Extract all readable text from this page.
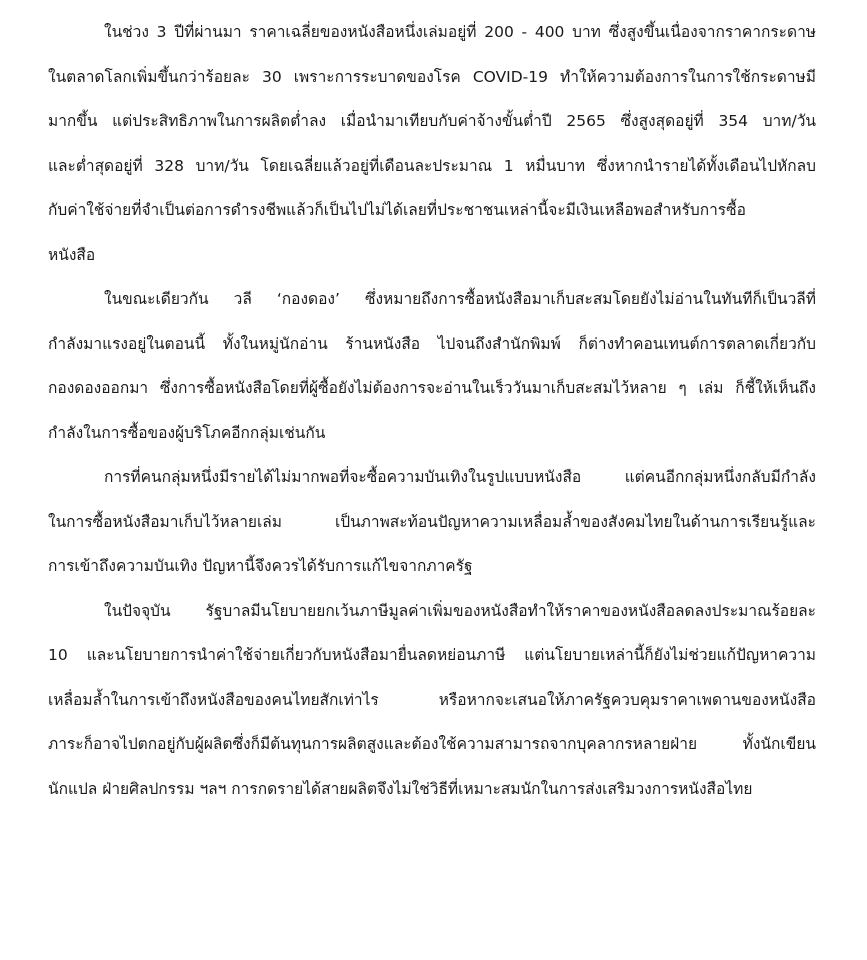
ในช่วง 3 ปีที่ผ่านมา ราคาเฉลี่ยของหนังสือหนึ่งเล่มอยู่ที่ 200 - 400 บาท ซึ่งสูงขึ้นเนื่องจากราคากระดาษ
ในตลาดโลกเพิ่มขึ้นกว่าร้อยละ 30 เพราะการระบาดของโรค COVID-19 ทำให้ความต้องการในการใช้กระดาษมี
มากขึ้น แต่ประสิทธิภาพในการผลิตต่ำลง เมื่อนำมาเทียบกับค่าจ้างขั้นต่ำปี 2565 ซึ่งสูงสุดอยู่ที่ 354 บาท/วัน
และต่ำสุดอยู่ที่ 328 บาท/วัน โดยเฉลี่ยแล้วอยู่ที่เดือนละประมาณ 1 หมื่นบาท ซึ่งหากนำรายได้ทั้งเดือนไปหักลบ
กับค่าใช้จ่ายที่จำเป็นต่อการดำรงชีพแล้วก็เป็นไปไม่ได้เลยที่ประชาชนเหล่านี้จะมีเงินเหลือพอสำหรับการซื้อ
หนังสือ
ในขณะเดียวกัน วลี ‘กองดอง’ ซึ่งหมายถึงการซื้อหนังสือมาเก็บสะสมโดยยังไม่อ่านในทันทีก็เป็นวลีที่
กำลังมาแรงอยู่ในตอนนี้ ทั้งในหมู่นักอ่าน ร้านหนังสือ ไปจนถึงสำนักพิมพ์ ก็ต่างทำคอนเทนต์การตลาดเกี่ยวกับ
กองดองออกมา ซึ่งการซื้อหนังสือโดยที่ผู้ซื้อยังไม่ต้องการจะอ่านในเร็ววันมาเก็บสะสมไว้หลาย ๆ เล่ม ก็ชี้ให้เห็นถึง
กำลังในการซื้อของผู้บริโภคอีกกลุ่มเช่นกัน
การที่คนกลุ่มหนึ่งมีรายได้ไม่มากพอที่จะซื้อความบันเทิงในรูปแบบหนังสือ แต่คนอีกกลุ่มหนึ่งกลับมีกำลัง
ในการซื้อหนังสือมาเก็บไว้หลายเล่ม เป็นภาพสะท้อนปัญหาความเหลื่อมล้ำของสังคมไทยในด้านการเรียนรู้และ
การเข้าถึงความบันเทิง ปัญหานี้จึงควรได้รับการแก้ไขจากภาครัฐ
ในปัจจุบัน รัฐบาลมีนโยบายยกเว้นภาษีมูลค่าเพิ่มของหนังสือทำให้ราคาของหนังสือลดลงประมาณร้อยละ
10 และนโยบายการนำค่าใช้จ่ายเกี่ยวกับหนังสือมายื่นลดหย่อนภาษี แต่นโยบายเหล่านี้ก็ยังไม่ช่วยแก้ปัญหาความ
เหลื่อมล้ำในการเข้าถึงหนังสือของคนไทยสักเท่าไร หรือหากจะเสนอให้ภาครัฐควบคุมราคาเพดานของหนังสือ
ภาระก็อาจไปตกอยู่กับผู้ผลิตซึ่งก็มีต้นทุนการผลิตสูงและต้องใช้ความสามารถจากบุคลากรหลายฝ่าย ทั้งนักเขียน
นักแปล ฝ่ายศิลปกรรม ฯลฯ การกดรายได้สายผลิตจึงไม่ใช่วิธีที่เหมาะสมนักในการส่งเสริมวงการหนังสือไทย
